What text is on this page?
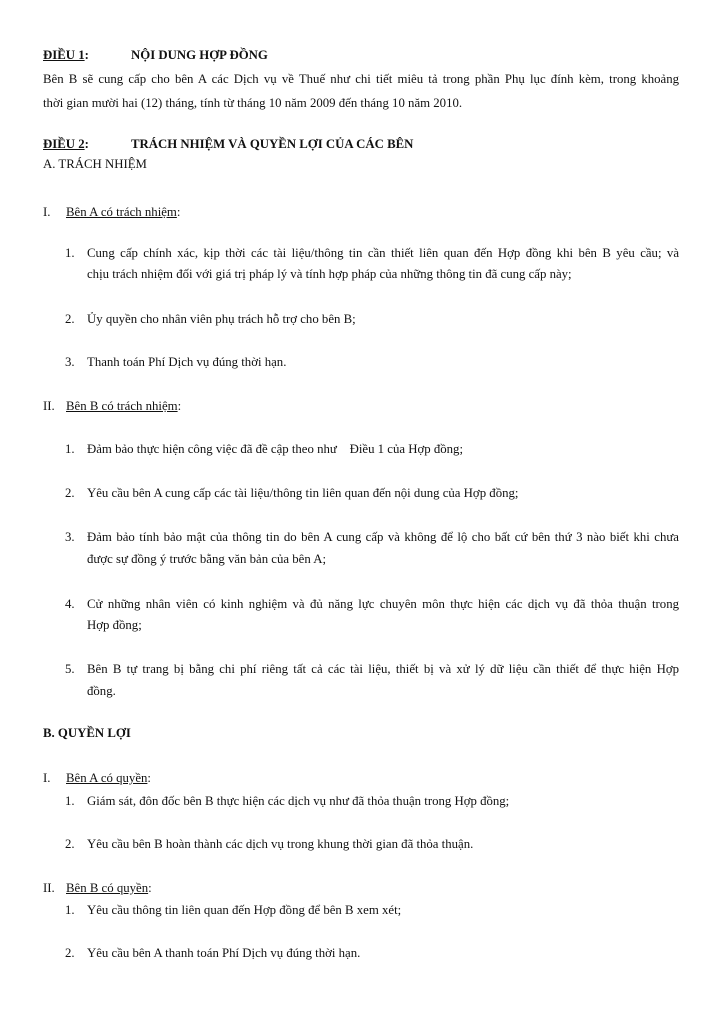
ĐIỀU 1:	NỘI DUNG HỢP ĐỒNG
Bên B sẽ cung cấp cho bên A các Dịch vụ về Thuế như chi tiết miêu tả trong phần Phụ lục đính kèm, trong khoảng
thời gian mười hai (12) tháng, tính từ tháng 10 năm 2009 đến tháng 10 năm 2010.
ĐIỀU 2:	TRÁCH NHIỆM VÀ QUYỀN LỢI CỦA CÁC BÊN
A. TRÁCH NHIỆM
I. Bên A có trách nhiệm:
1. Cung cấp chính xác, kịp thời các tài liệu/thông tin cần thiết liên quan đến Hợp đồng khi bên B yêu cầu; và
chịu trách nhiệm đối với giá trị pháp lý và tính hợp pháp của những thông tin đã cung cấp này;
2. Ủy quyền cho nhân viên phụ trách hỗ trợ cho bên B;
3. Thanh toán Phí Dịch vụ đúng thời hạn.
II. Bên B có trách nhiệm:
1. Đảm bảo thực hiện công việc đã đề cập theo như    Điều 1 của Hợp đồng;
2. Yêu cầu bên A cung cấp các tài liệu/thông tin liên quan đến nội dung của Hợp đồng;
3. Đảm bảo tính bảo mật của thông tin do bên A cung cấp và không để lộ cho bất cứ bên thứ 3 nào biết khi chưa
được sự đồng ý trước bằng văn bản của bên A;
4. Cử những nhân viên có kinh nghiệm và đủ năng lực chuyên môn thực hiện các dịch vụ đã thỏa thuận trong
Hợp đồng;
5. Bên B tự trang bị bằng chi phí riêng tất cả các tài liệu, thiết bị và xử lý dữ liệu cần thiết để thực hiện Hợp
đồng.
B. QUYỀN LỢI
I. Bên A có quyền:
1. Giám sát, đôn đốc bên B thực hiện các dịch vụ như đã thỏa thuận trong Hợp đồng;
2. Yêu cầu bên B hoàn thành các dịch vụ trong khung thời gian đã thỏa thuận.
II. Bên B có quyền:
1. Yêu cầu thông tin liên quan đến Hợp đồng để bên B xem xét;
2. Yêu cầu bên A thanh toán Phí Dịch vụ đúng thời hạn.
